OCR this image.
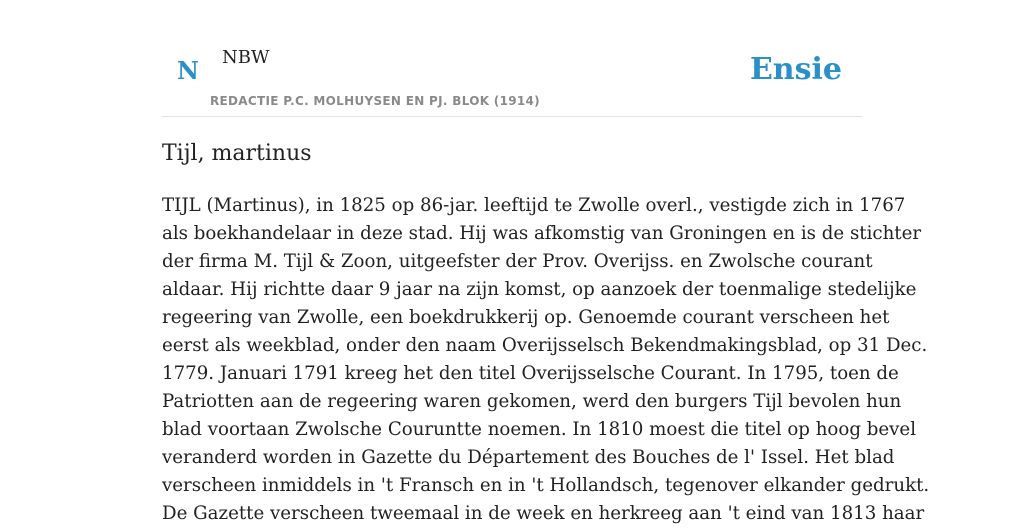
N NBW
REDACTIE P.C. MOLHUYSEN EN PJ. BLOK (1914)
Ensie
Tijl, martinus
TIJL (Martinus), in 1825 op 86-jar. leeftijd te Zwolle overl., vestigde zich in 1767
als boekhandelaar in deze stad. Hij was afkomstig van Groningen en is de stichter
der firma M. Tijl & Zoon, uitgeefster der Prov. Overijss. en Zwolsche courant
aldaar. Hij richtte daar 9 jaar na zijn komst, op aanzoek der toenmalige stedelijke
regeering van Zwolle, een boekdrukkerij op. Genoemde courant verscheen het
eerst als weekblad, onder den naam Overijsselsch Bekendmakingsblad, op 31 Dec.
1779. Januari 1791 kreeg het den titel Overijsselsche Courant. In 1795, toen de
Patriotten aan de regeering waren gekomen, werd den burgers Tijl bevolen hun
blad voortaan Zwolsche Couruntte noemen. In 1810 moest die titel op hoog bevel
veranderd worden in Gazette du Département des Bouches de l' Issel. Het blad
verscheen inmiddels in 't Fransch en in 't Hollandsch, tegenover elkander gedrukt.
De Gazette verscheen tweemaal in de week en herkreeg aan 't eind van 1813 haar
